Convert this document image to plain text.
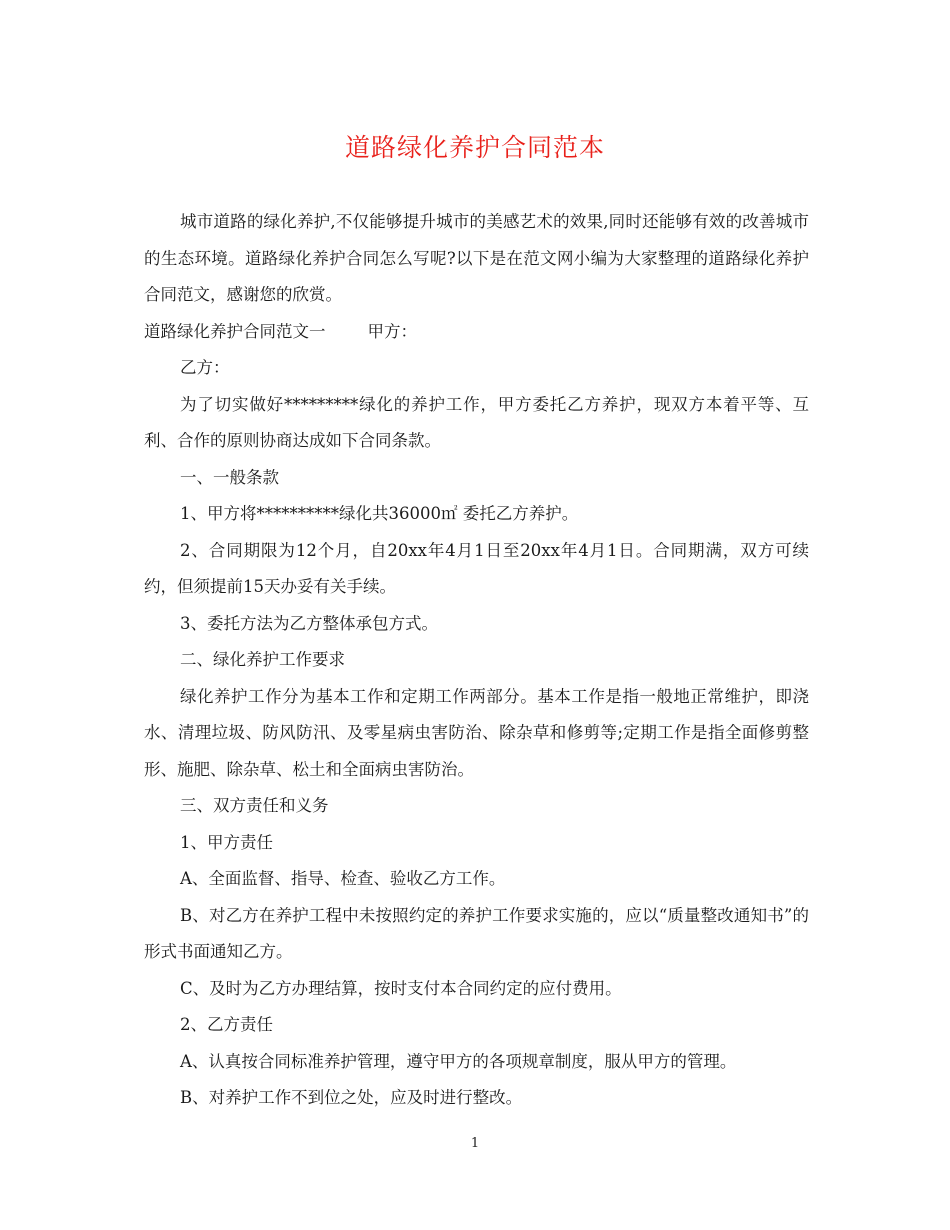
道路绿化养护合同范本

城市道路的绿化养护,不仅能够提升城市的美感艺术的效果,同时还能够有效的改善城市的生态环境。道路绿化养护合同怎么写呢?以下是在范文网小编为大家整理的道路绿化养护合同范文，感谢您的欣赏。

道路绿化养护合同范文一        甲方：

乙方：

为了切实做好*********绿化的养护工作，甲方委托乙方养护，现双方本着平等、互利、合作的原则协商达成如下合同条款。

一、一般条款

1、甲方将**********绿化共36000㎡ 委托乙方养护。

2、合同期限为12个月，自20xx年4月1日至20xx年4月1日。合同期满，双方可续约，但须提前15天办妥有关手续。

3、委托方法为乙方整体承包方式。

二、绿化养护工作要求

绿化养护工作分为基本工作和定期工作两部分。基本工作是指一般地正常维护，即浇水、清理垃圾、防风防汛、及零星病虫害防治、除杂草和修剪等;定期工作是指全面修剪整形、施肥、除杂草、松土和全面病虫害防治。

三、双方责任和义务

1、甲方责任

A、全面监督、指导、检查、验收乙方工作。

B、对乙方在养护工程中未按照约定的养护工作要求实施的，应以“质量整改通知书”的形式书面通知乙方。

C、及时为乙方办理结算，按时支付本合同约定的应付费用。

2、乙方责任

A、认真按合同标准养护管理，遵守甲方的各项规章制度，服从甲方的管理。

B、对养护工作不到位之处，应及时进行整改。

1
